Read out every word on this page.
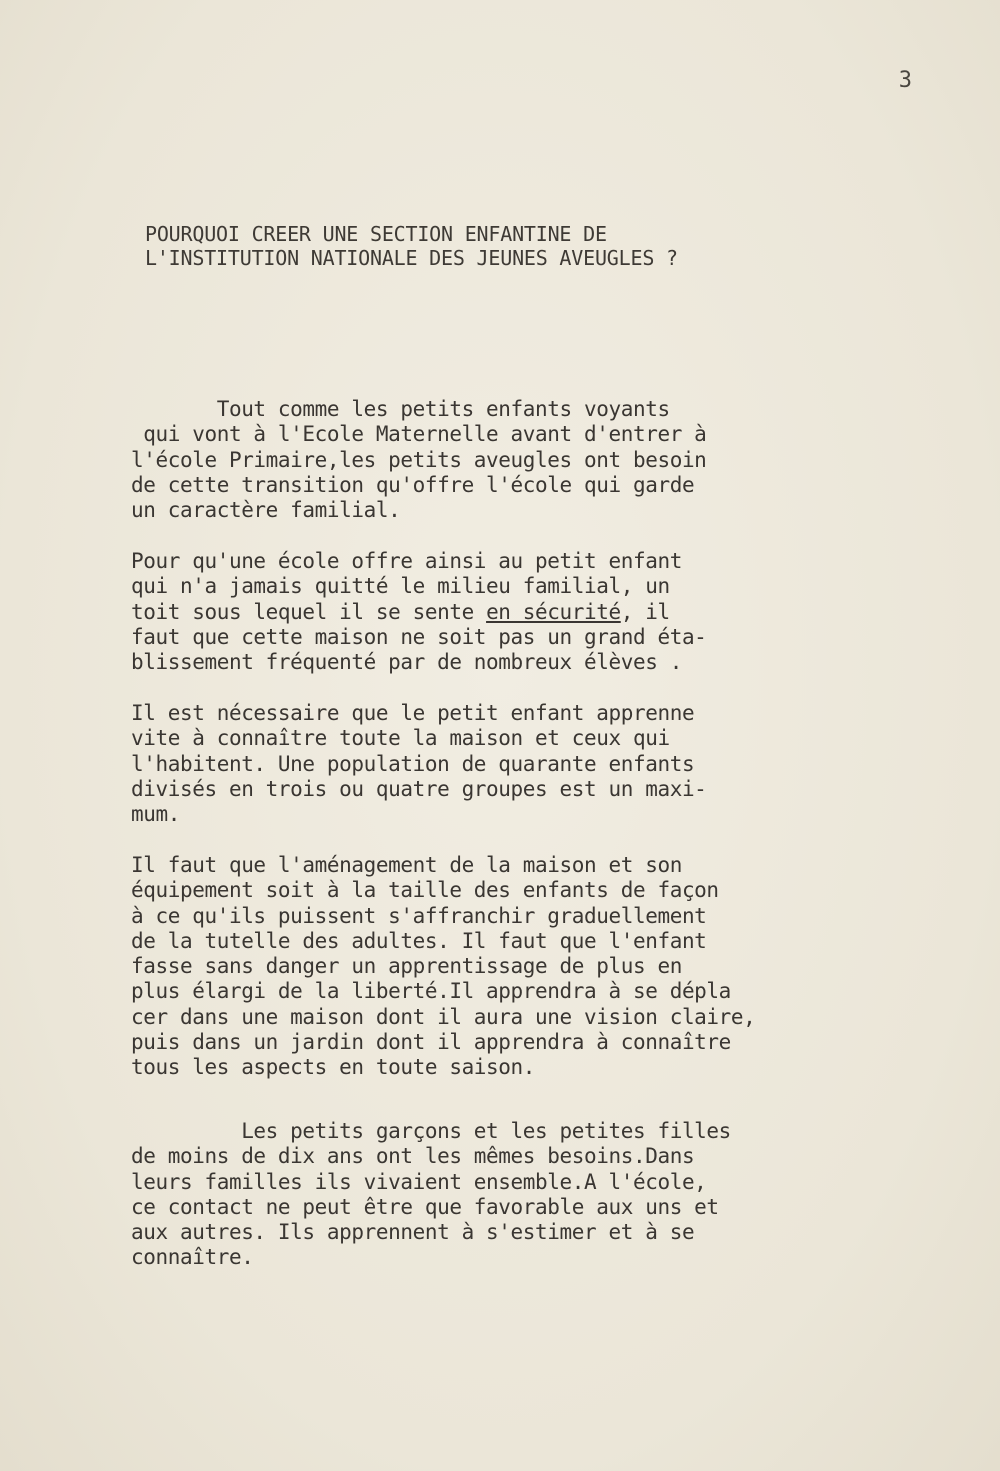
3
POURQUOI CREER UNE SECTION ENFANTINE DE
L'INSTITUTION NATIONALE DES JEUNES AVEUGLES ?
Tout comme les petits enfants voyants
qui vont à l'Ecole Maternelle avant d'entrer à
l'école Primaire,les petits aveugles ont besoin
de cette transition qu'offre l'école qui garde
un caractère familial.
Pour qu'une école offre ainsi au petit enfant
qui n'a jamais quitté le milieu familial, un
toit sous lequel il se sente en sécurité, il
faut que cette maison ne soit pas un grand éta-
blissement fréquenté par de nombreux élèves .
Il est nécessaire que le petit enfant apprenne
vite à connaître toute la maison et ceux qui
l'habitent. Une population de quarante enfants
divisés en trois ou quatre groupes est un maxi-
mum.
Il faut que l'aménagement de la maison et son
équipement soit à la taille des enfants de façon
à ce qu'ils puissent s'affranchir graduellement
de la tutelle des adultes. Il faut que l'enfant
fasse sans danger un apprentissage de plus en
plus élargi de la liberté.Il apprendra à se dépla
cer dans une maison dont il aura une vision claire,
puis dans un jardin dont il apprendra à connaître
tous les aspects en toute saison.
Les petits garçons et les petites filles
de moins de dix ans ont les mêmes besoins.Dans
leurs familles ils vivaient ensemble.A l'école,
ce contact ne peut être que favorable aux uns et
aux autres. Ils apprennent à s'estimer et à se
connaître.
